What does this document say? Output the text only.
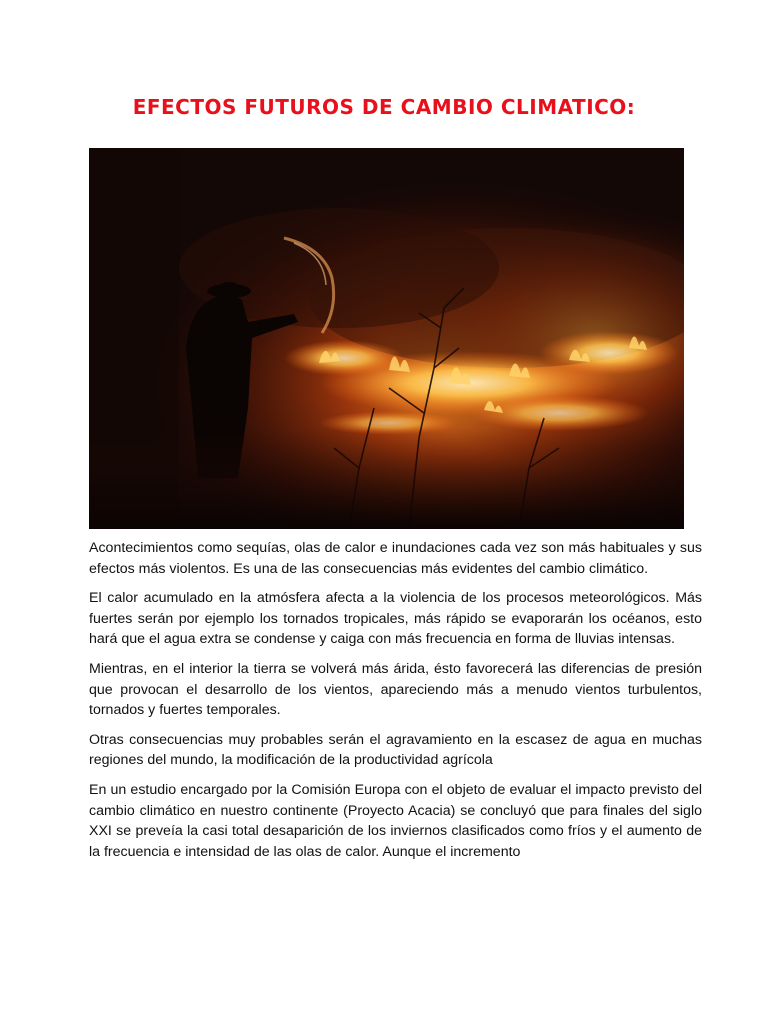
EFECTOS FUTUROS DE CAMBIO CLIMATICO:

Acontecimientos como sequías, olas de calor e inundaciones cada vez son más habituales y sus efectos más violentos. Es una de las consecuencias más evidentes del cambio climático.

El calor acumulado en la atmósfera afecta a la violencia de los procesos meteorológicos. Más fuertes serán por ejemplo los tornados tropicales, más rápido se evaporarán los océanos, esto hará que el agua extra se condense y caiga con más frecuencia en forma de lluvias intensas.

Mientras, en el interior la tierra se volverá más árida, ésto favorecerá las diferencias de presión que provocan el desarrollo de los vientos, apareciendo más a menudo vientos turbulentos, tornados y fuertes temporales.

Otras consecuencias muy probables serán el agravamiento en la escasez de agua en muchas regiones del mundo, la modificación de la productividad agrícola

En un estudio encargado por la Comisión Europa con el objeto de evaluar el impacto previsto del cambio climático en nuestro continente (Proyecto Acacia) se concluyó que para finales del siglo XXI se preveía la casi total desaparición de los inviernos clasificados como fríos y el aumento de la frecuencia e intensidad de las olas de calor. Aunque el incremento
